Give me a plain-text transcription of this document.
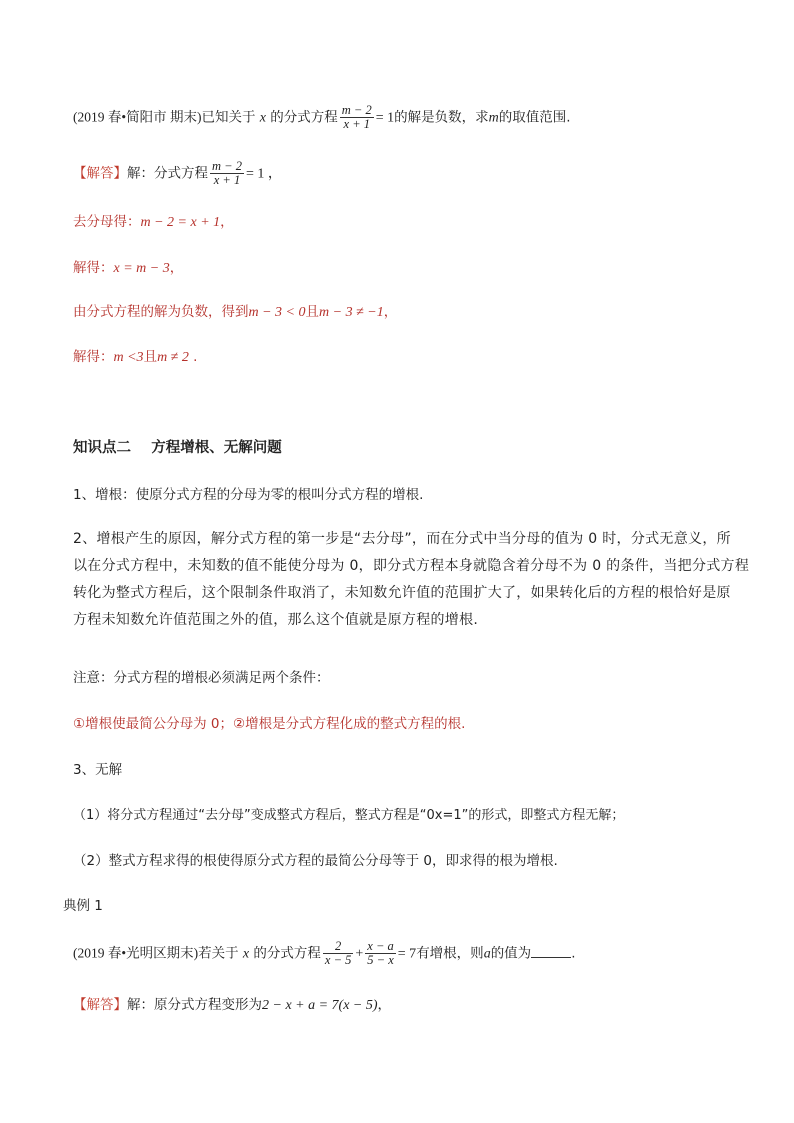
(2019 春•简阳市 期末)已知关于 x 的分式方程 $\frac{m - 2}{x + 1} = 1$的解是负数，求m的取值范围.
【解答】解：分式方程 $\frac{m - 2}{x + 1} = 1$ ，
去分母得：m − 2 = x + 1，
解得：x = m − 3，
由分式方程的解为负数，得到m − 3 < 0且m − 3 ≠ −1，
解得：m <3且m ≠ 2 .
知识点二    方程增根、无解问题
1、增根：使原分式方程的分母为零的根叫分式方程的增根.
2、增根产生的原因，解分式方程的第一步是“去分母”，而在分式中当分母的值为 0 时，分式无意义，所
以在分式方程中，未知数的值不能使分母为 0，即分式方程本身就隐含着分母不为 0 的条件，当把分式方程
转化为整式方程后，这个限制条件取消了，未知数允许值的范围扩大了，如果转化后的方程的根恰好是原
方程未知数允许值范围之外的值，那么这个值就是原方程的增根.
注意：分式方程的增根必须满足两个条件：
①增根使最简公分母为 0；②增根是分式方程化成的整式方程的根.
3、无解
（1）将分式方程通过“去分母”变成整式方程后，整式方程是“0x=1”的形式，即整式方程无解；
（2）整式方程求得的根使得原分式方程的最简公分母等于 0，即求得的根为增根.
典例 1
(2019 春•光明区期末)若关于 x 的分式方程 $\frac{2}{x - 5} + \frac{x - a}{5 - x} = 7$有增根，则a的值为	.
【解答】解：原分式方程变形为2 − x + a = 7(x − 5)，
